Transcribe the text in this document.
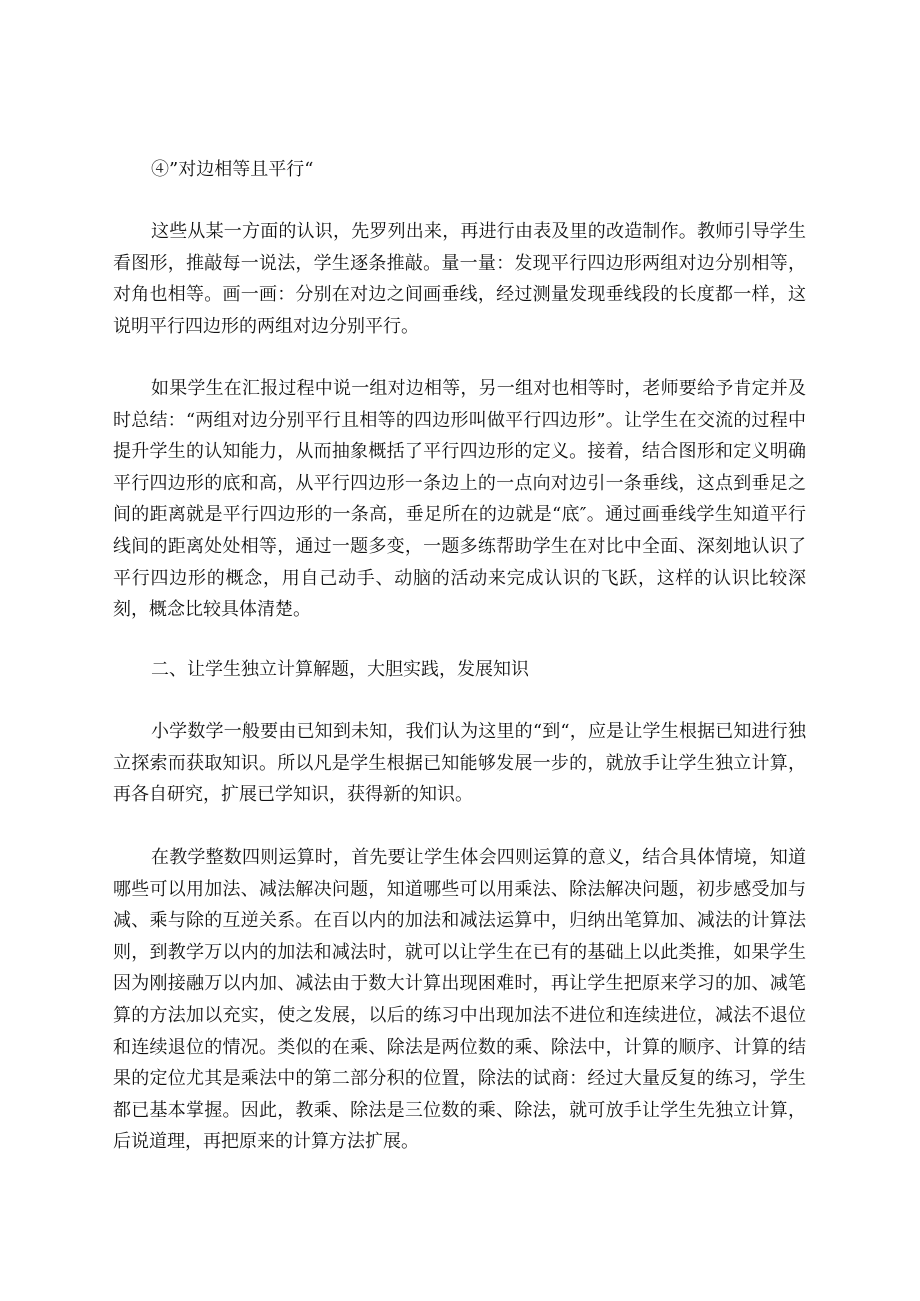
④”对边相等且平行“

这些从某一方面的认识，先罗列出来，再进行由表及里的改造制作。教师引导学生看图形，推敲每一说法，学生逐条推敲。量一量：发现平行四边形两组对边分别相等，对角也相等。画一画：分别在对边之间画垂线，经过测量发现垂线段的长度都一样，这说明平行四边形的两组对边分别平行。

如果学生在汇报过程中说一组对边相等，另一组对也相等时，老师要给予肯定并及时总结：“两组对边分别平行且相等的四边形叫做平行四边形”。让学生在交流的过程中提升学生的认知能力，从而抽象概括了平行四边形的定义。接着，结合图形和定义明确平行四边形的底和高，从平行四边形一条边上的一点向对边引一条垂线，这点到垂足之间的距离就是平行四边形的一条高，垂足所在的边就是“底″。通过画垂线学生知道平行线间的距离处处相等，通过一题多变，一题多练帮助学生在对比中全面、深刻地认识了平行四边形的概念，用自己动手、动脑的活动来完成认识的飞跃，这样的认识比较深刻，概念比较具体清楚。

二、让学生独立计算解题，大胆实践，发展知识

小学数学一般要由已知到未知，我们认为这里的“到“，应是让学生根据已知进行独立探索而获取知识。所以凡是学生根据已知能够发展一步的，就放手让学生独立计算，再各自研究，扩展已学知识，获得新的知识。

在教学整数四则运算时，首先要让学生体会四则运算的意义，结合具体情境，知道哪些可以用加法、减法解决问题，知道哪些可以用乘法、除法解决问题，初步感受加与减、乘与除的互逆关系。在百以内的加法和减法运算中，归纳出笔算加、减法的计算法则，到教学万以内的加法和减法时，就可以让学生在已有的基础上以此类推，如果学生因为刚接融万以内加、减法由于数大计算出现困难时，再让学生把原来学习的加、减笔算的方法加以充实，使之发展，以后的练习中出现加法不进位和连续进位，减法不退位和连续退位的情况。类似的在乘、除法是两位数的乘、除法中，计算的顺序、计算的结果的定位尤其是乘法中的第二部分积的位置，除法的试商：经过大量反复的练习，学生都已基本掌握。因此，教乘、除法是三位数的乘、除法，就可放手让学生先独立计算，后说道理，再把原来的计算方法扩展。
